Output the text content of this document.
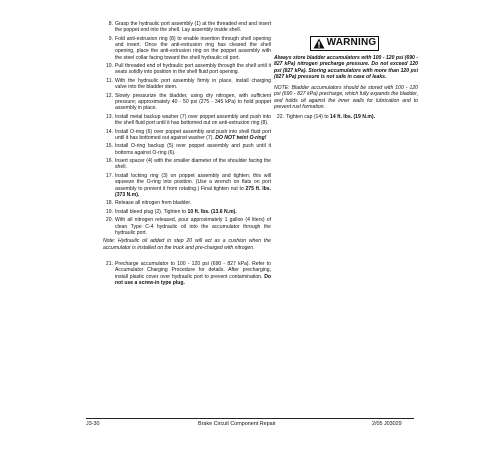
8 . Grasp the hydraulic port assembly (1) at the threaded end and insert the poppet end into the shell. Lay assembly inside shell.
9 . Fold anti-extrusion ring (8) to enable insertion through shell opening and insert. Once the anti-extrusion ring has cleared the shell opening, place the anti-extrusion ring on the poppet assembly with the steel collar facing toward the shell hydraulic oil port.
10 . Pull threaded end of hydraulic port assembly through the shell until it seats solidly into position in the shell fluid port opening.
11 . With the hydraulic port assembly firmly in place, install charging valve into the bladder stem.
12 . Slowly pressurize the bladder, using dry nitrogen, with sufficient pressure; approximately 40 - 50 psi (275 - 345 kPa) to hold poppet assembly in place.
13 . Install metal backup washer (7) over poppet assembly and push into the shell fluid port until it has bottomed out on anti-extrusion ring (8).
14 . Install O-ring (6) over poppet assembly and push into shell fluid port until it has bottomed out against washer (7). DO NOT twist O-ring!
15 . Install O-ring backup (5) over poppet assembly and push until it bottoms against O-ring (6).
16 . Insert spacer (4) with the smaller diameter of the shoulder facing the shell.
17 . Install locking ring (3) on poppet assembly and tighten; this will squeeze the O-ring into position. (Use a wrench on flats on port assembly to prevent it from rotating.) Final tighten nut to 275 ft. lbs. (373 N.m).
18 . Release all nitrogen from bladder.
19 . Install bleed plug (2). Tighten to 10 ft. lbs. (13.6 N.m).
20 . With all nitrogen released, pour approximately 1 gallon (4 liters) of clean Type C-4 hydraulic oil into the accumulator through the hydraulic port.
Note: Hydraulic oil added in step 20 will act as a cushion when the accumulator is installed on the truck and pre-charged with nitrogen.
21 . Precharge accumulator to 100 - 120 psi (690 - 827 kPa). Refer to Accumulator Charging Procedure for details. After precharging, install plastic cover over hydraulic port to prevent contamination. Do not use a screw-in type plug.
WARNING
Always store bladder accumulators with 100 - 120 psi (690 - 827 kPa) nitrogen precharge pressure. Do not exceed 120 psi (827 kPa). Storing accumulators with more than 120 psi (827 kPa) pressure is not safe in case of leaks.
NOTE: Bladder accumulators should be stored with 100 - 120 psi (690 - 827 kPa) precharge, which fully expands the bladder, and holds oil against the inner walls for lubrication and to prevent rust formation.
22 . Tighten cap (14) to 14 ft. lbs. (19 N.m).
J3-30	Brake Circuit Component Repair	2/05 J03029
